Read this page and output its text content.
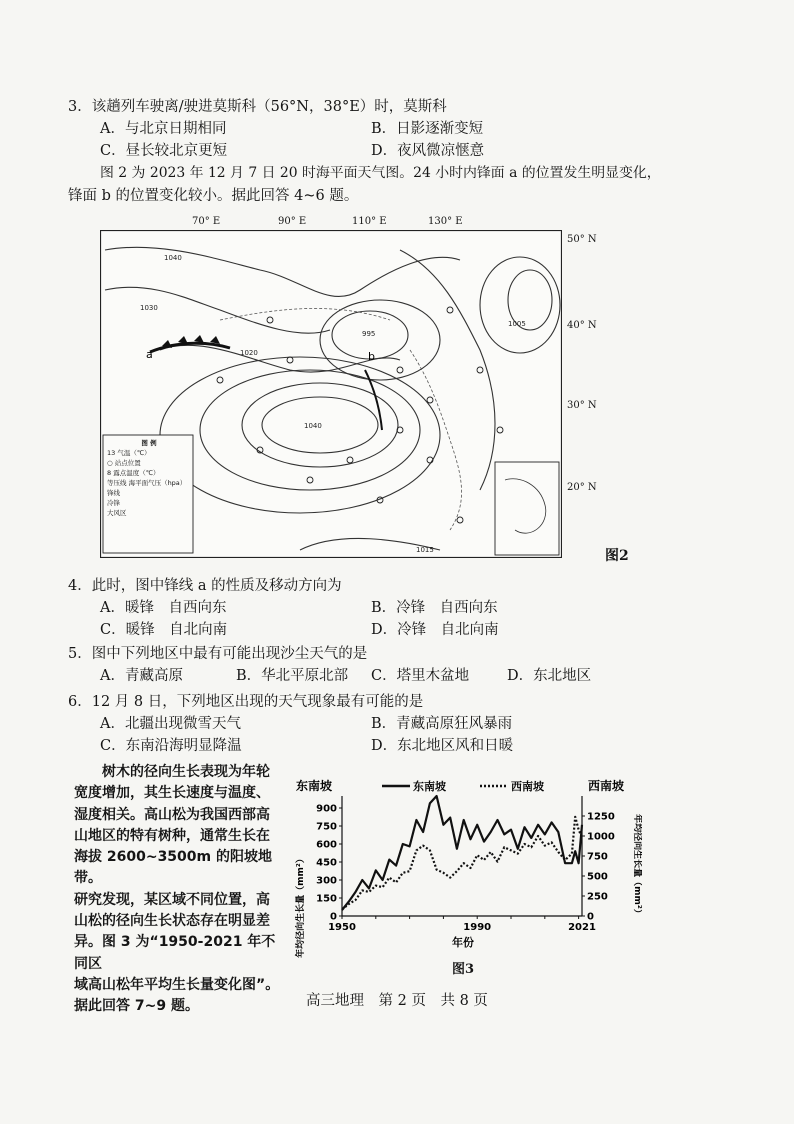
3．该趟列车驶离/驶进莫斯科（56°N，38°E）时，莫斯科
A．与北京日期相同	B．日影逐渐变短
C．昼长较北京更短	D．夜风微凉惬意
图 2 为 2023 年 12 月 7 日 20 时海平面天气图。24 小时内锋面 a 的位置发生明显变化，
锋面 b 的位置变化较小。据此回答 4~6 题。
70° E	90° E	110° E	130° E
50° N
40° N
30° N
20° N
a	b
1040
1030
1020
1040
995
1005
1015
图 例
13 气温（℃）
○ 站点位置
8 露点温度（℃）
等压线 海平面气压（hpa）
锋线
冷锋
大风区
图2
4．此时，图中锋线 a 的性质及移动方向为
A．暖锋　自西向东	B．冷锋　自西向东
C．暖锋　自北向南	D．冷锋　自北向南
5．图中下列地区中最有可能出现沙尘天气的是
A．青藏高原	B．华北平原北部 C．塔里木盆地	D．东北地区
6．12 月 8 日，下列地区出现的天气现象最有可能的是
A．北疆出现微雪天气	B．青藏高原狂风暴雨
C．东南沿海明显降温	D．东北地区风和日暖
树木的径向生长表现为年轮
宽度增加，其生长速度与温度、
湿度相关。高山松为我国西部高
山地区的特有树种，通常生长在
海拔 2600~3500m 的阳坡地带。
研究发现，某区域不同位置，高
山松的径向生长状态存在明显差
异。图 3 为“1950-2021 年不同区
域高山松年平均生长量变化图”。
据此回答 7~9 题。
东南坡	西南坡
东南坡	西南坡
年均径向生长量（mm²）	年均径向生长量（mm²）
年份
0
150
300
450
600
750
900
0
250
500
750
1000
1250
1950	1990	2021
图3
高三地理　第 2 页　共 8 页
